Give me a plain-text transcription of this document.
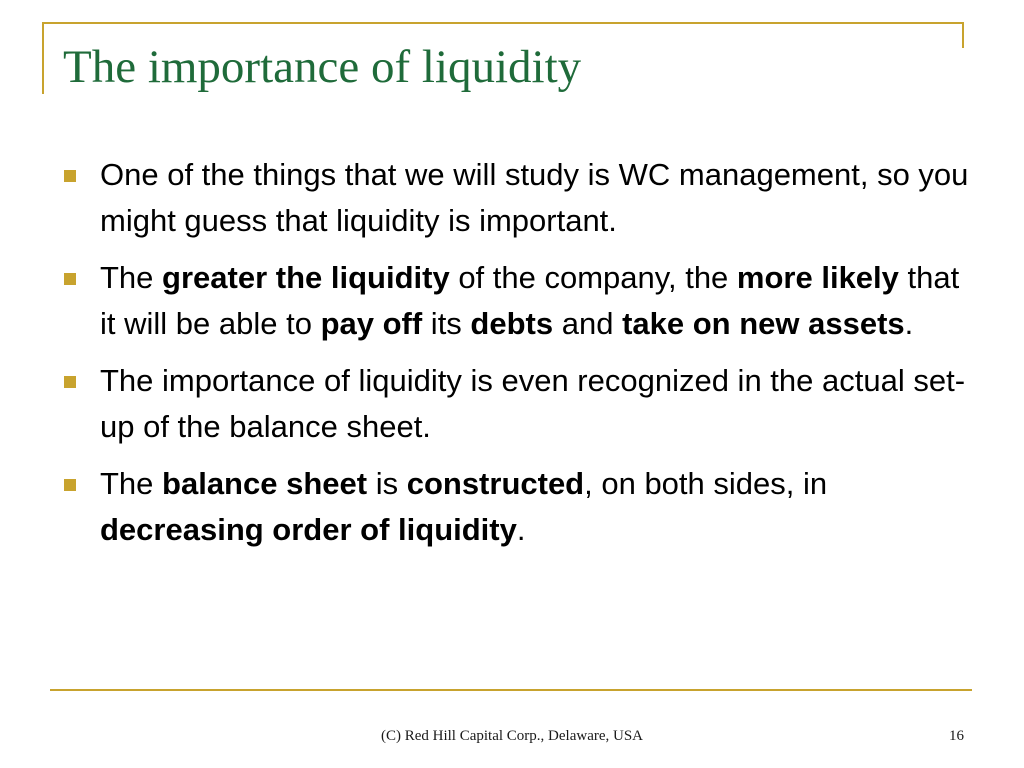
The importance of liquidity
One of the things that we will study is WC management, so you might guess that liquidity is important.
The greater the liquidity of the company, the more likely that it will be able to pay off its debts and take on new assets.
The importance of liquidity is even recognized in the actual set-up of the balance sheet.
The balance sheet is constructed, on both sides, in decreasing order of liquidity.
(C) Red Hill Capital Corp., Delaware, USA	16
